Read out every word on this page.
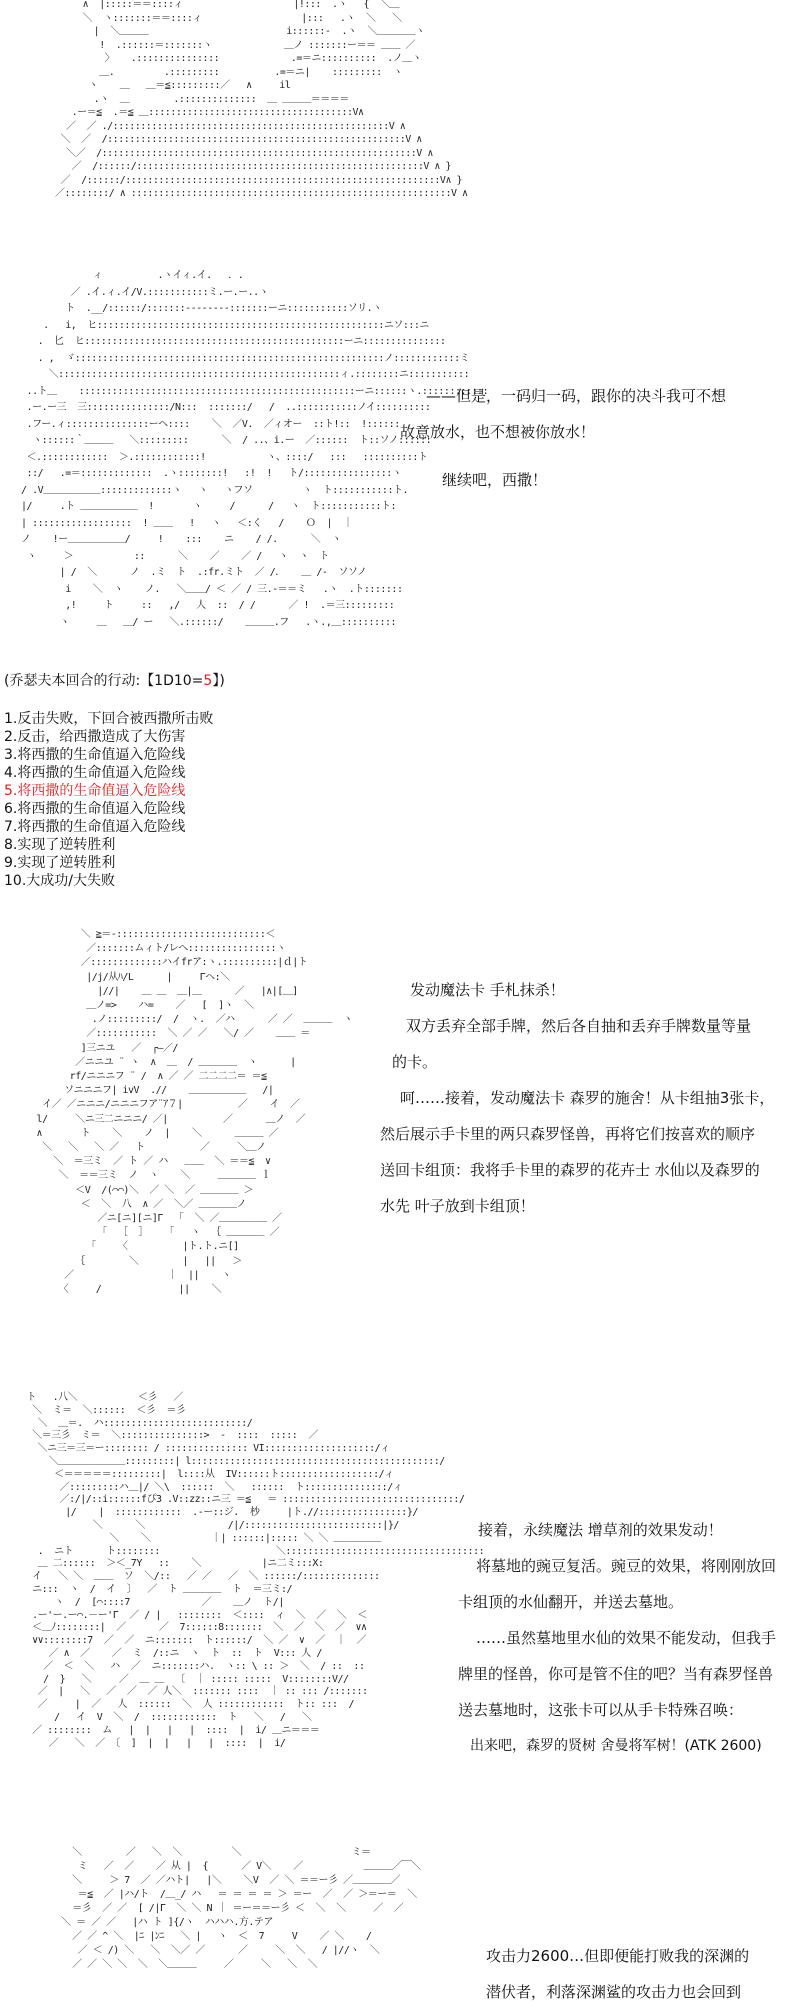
∧  |:::::＝＝::::ィ                    |!:::  .ヽ   {  ＼＿
＼  ヽ:::::::＝＝::::ィ                  |:::   .ヽ  ＼   ＼
|  ＼＿＿＿                         i::::::-  .ヽ  ＼＿＿＿＿ヽ
!  .::::::＝:::::::ヽ             ＿ノ :::::::ー＝＝ ＿＿ ／
〉   .:::::::::::::::             .=＝ニ::::::::::  .ノ＿ヽ
＿.         .:::::::::          .=＝ニ|    :::::::::  ヽ
ヽ    ＿   ＿＝≦:::::::::／   ∧     il
.ヽ  ＿        .::::::::::::::  ＿ ＿＿＿＝＝＝＝
.ー＝≦  .＝≦ ＿:::::::::::::::::::::::::::::::::::::V∧
／  ／ ./::::::::::::::::::::::::::::::::::::::::::::::::::V ∧
＼  ／  /::::::::::::::::::::::::::::::::::::::::::::::::::::::V ∧
＼／  /:::::::::::::::::::::::::::::::::::::::::::::::::::::::::V ∧
／  /::::::/::::::::::::::::::::::::::::::::::::::::::::::::::::V ∧ }
／  /::::::/:::::::::::::::::::::::::::::::::::::::::::::::::::::::::V∧ }
／::::::::/ ∧ ::::::::::::::::::::::::::::::::::::::::::::::::::::::::::V ∧
ィ          .ヽイィ.イ.   ．.
／ .イ.ィ.イ/V.:::::::::::ミ.ー.ー..ヽ
ト  .__/::::::/:::::::--------:::::::ーニ:::::::::::ソリ.ヽ
.   i,  ヒ::::::::::::::::::::::::::::::::::::::::::::::::::::ニソ:::ニ
.  匕  ヒ:::::::::::::::::::::::::::::::::::::::::::::::ーニ:::::::::::::::
. ,  ゞ::::::::::::::::::::::::::::::::::::::::::::::::::::::::ノ::::::::::::ミ
＼:::::::::::::::::::::::::::::::::::::::::::::::::::ィ.::::::::ニ:::::::::::
..ト＿    ::::::::::::::::::::::::::::::::::::::::::::::::::ーニ::::::ヽ.::::::::::::
.ー.ー三  三:::::::::::::::/N:::  :::::::/   /  ..:::::::::::ノイ::::::::::
.フー.ィ:::::::::::::::ーヘ::::    ＼  ／V.  ／ィオー  ::ト!::  !::::::
ヽ::::::｀＿＿＿   ＼:::::::::      ＼  / ..、i.ー  ／::::::  ト::ソノ::::::
＜.::::::::::::  ＞.::::::::::::!           ヽ、::::/   :::   ::::::::::ト
::/   .=＝:::::::::::::  .ヽ::::::::!   :!  !   ト/::::::::::::::::ヽ
/ .V＿＿＿＿＿＿:::::::::::::ヽ   ヽ   ヽフソ         ヽ  ト:::::::::::ト.
|/     .ト ＿＿＿＿＿＿  !       ヽ     /      /   ヽ  ト:::::::::::ト:
| ::::::::::::::::::  ! ＿＿   !   ヽ   ＜:く   /    Ｏ  |  ｜
ノ    !ー＿＿＿＿＿＿/     !    :::    ニ    / /.      ＼  ヽ
ヽ     ＞           ::      ＼    ／    ／ /   ヽ  ヽ  ト
| /  ＼      ノ  .ミ  ト  .:fr.ミト  ／ /．   ＿ /-  ソソノ
i    ＼  ヽ    ノ.   ＼＿＿/ ＜ ／ / 三.-＝＝ミ   .ヽ  .ト:::::::
,!     ト     ::   ,/   人  ::  / /      ／ !  .＝三:::::::::
ヽ     ＿   ＿/ ー   ＼.::::::/    ＿＿＿.フ   .ヽ.,＿::::::::::

——但是，一码归一码，跟你的决斗我可不想

故意放水，也不想被你放水！

继续吧，西撒！

(乔瑟夫本回合的行动:【1D10=5】)
1.反击失败，下回合被西撒所击败
2.反击，给西撒造成了大伤害
3.将西撒的生命值逼入危险线
4.将西撒的生命值逼入危险线
5.将西撒的生命值逼入危险线
6.将西撒的生命值逼入危险线
7.将西撒的生命值逼入危险线
8.实现了逆转胜利
9.实现了逆转胜利
10.大成功/大失败
＼ ≧＝-:::::::::::::::::::::::::::＜
／:::::::ムィト/レへ::::::::::::::::ヽ
／:::::::::::::ハイfrア:ヽ.::::::::::|ｄ|ト
|/j/从ﾊ/L      |     Γヘ:＼
|//|    ＿ ＿  ＿|＿      ／   |∧|[＿]
＿ノ=>    ハ=    ／   [  ]ヽ  ＼
.ノ:::::::::/  /  ヽ.  ／ハ      ／ ／  ＿＿＿  ヽ
／:::::::::::  ＼ ／ ／   ＼/ ／    ＿＿ ＝
]三ニユ   ／  ┌―／/
／ニニユ ¨ ヽ  ∧  ＿  / ＿＿＿＿  ヽ      |
rf/ニニニフ ¨ /  ∧ ／ ／ 二二二二＝ ＝≦
ソニニニフ| ivV  .//    ＿＿＿＿＿＿   /|
イ／ ／ニニニ/ニニニフア¨ｱ７|          ／    イ  ／
l/     ＼ニ三二ニニニ/ ／|          ／      ＿ノ  ／
∧       ト    ＼    ノ  |    ＼      ＿＿＿ ／
＼   ＼   ＼ ／   ト          ／     ＼＿ノ
＼  ＝三ミ  ／ ト ／ ハ   ＿＿  ＼ ＝＝≦  ∨
＼  ＝＝三ミ  ノ  ヽ    ＼     ＿＿＿＿ ｌ
＜V  /(⌒⌒)＼  ／ ＼  ／ ＿＿＿＿ ＞
＜  ＼  八  ∧ ／  ＼／ ＿＿＿＿ノ
／ニ[ニ][ニ]Γ  「  ＼ ／＿＿＿＿＿ ／
「  ［  ］   「   ヽ  ｛ ＿＿＿＿ ／
「    〈          |ト.ト.ニ[]
｛        ＼        |   ||   ＞
／                 ｜  ||    ヽ
〈     /              ||    ＼

发动魔法卡 手札抹杀！

双方丢弃全部手牌，然后各自抽和丢弃手牌数量等量

的卡。

呵……接着，发动魔法卡 森罗的施舍！从卡组抽3张卡，

然后展示手卡里的两只森罗怪兽，再将它们按喜欢的顺序

送回卡组顶：我将手卡里的森罗的花卉士 水仙以及森罗的

水先 叶子放到卡组顶！

ト   .八＼           ＜彡   ／
＼  ミ＝  ＼::::::  ＜彡  ＝彡
＼  ＿＝.  ハ::::::::::::::::::::::::::/
＼＝三彡  ミ＝  ＼:::::::::::::::>  -  ::::  :::::  ／
＼ニ三＝三＝ー:::::::: / ::::::::::::::: VI::::::::::::::::::::/ィ
＼＿＿＿＿＿＿＿:::::::::| l:::::::::::::::::::::::::::::::::::::::::::::/
＜＝＝＝＝＝:::::::::|  l::::从  IV::::::ト::::::::::::::::::/ィ
／:::::::::ハ＿|/ ＼\  ::::::  ＼   ::::::  ト:::::::::::::::/ィ
／:/|/::i::::::fぴ3 .V::zz::ニ三 ＝≦   ＝ ::::::::::::::::::::::::::::::::/
|/    |  ::::::::::::  .-ー::ジ.  杪     |ト.//::::::::::::::::}/
＼      ＼               /|/:::::::::::::::::::::::::|}/
＼    ＼           ｜| ::::::|::::: ＼ ＼ ＿＿＿＿＿
.  ニト      ト::::::::                     ＼::::::::::::::::::::::::::::::::::::
＿ 二::::::  ＞＜_7Y   ::    ＼           |ニ二ミ:::X:
イ   ＼ ＼  ＿＿  ソ  ＼/::   ／ ／   ／  ＼ ::::::/::::::::::::::
ニ:::  ヽ  /  イ  〕  ／  ト ＿＿＿＿  ト  ＝三ミ:/
ヽ  /  [⌒::::7             ／    ＿ノ  ト/|
.ー'ー.ー⌒.－ー'Γ  ／ / |   ::::::::  ＜::::  ィ  ＼  ／  ＼  ＜
＜＿ﾉ::::::::|  ／      ／  7::::::8:::::::  ＼  ／  ＼  ／  ∨∧
∨∨::::::::7  ／  ／  ニ:::::::  ト::::::/  ＼ ／  ∨  ／  ｜  ／
／ ∧  ／    ／  ミ  /::ニ  ヽ  ト  ::  ト  V::: 人 /
／  ＜  ＼   ハ  ／  ニ:::::::ハ.  ヽ:: \ :: ＞  ＼  / ::  ::
/  }   ＼     ／  ＿ ＿  〔  ｜ ::::: :::::  V::::::::V//
／  |   ＼   ／  ／  ／ 人＼  ::::::: ::::  ｜ :: ::: /:::::::
／     |  ／   人  ::::::  ＼  人 ::::::::::::  ト:: :::  /
/   イ  V  ＼  /  ::::::::::::  ト   ＼   /   ＼
／ ::::::::  ム   |  |   |   |  ::::  |  i/ ＿ニ＝＝＝
／   ＼  ／ 〔  ]  |  |   |   |  ::::  |  i/

接着，永续魔法 增草剂的效果发动！

将墓地的豌豆复活。豌豆的效果，将刚刚放回

卡组顶的水仙翻开，并送去墓地。

……虽然墓地里水仙的效果不能发动，但我手

牌里的怪兽，你可是管不住的吧？当有森罗怪兽

送去墓地时，这张卡可以从手卡特殊召唤：

出来吧，森罗的贤树 舍曼将军树！(ATK 2600)

＼        ／   ＼  ＼         ＼                    ミ＝
ミ   ／  ／    ／ 从 |  {      ／ V＼    ／           ＿＿＿／￣＼
＼     ＞ 7  ／ ／ハト|   |＼    ＼V  ／ ＼ ＝＝ー彡 ／＿＿＿＿／
＝≦  ／ |ハ/ト  /＿_/ ハ   ＝ ＝ ＝ ＝ ＞ ＝ー  ／  ／ ＞＝ー＝  ＼
＝彡  ／ ／  [ /|Γ  ＼ ＼ N ｜ ＝ー＝＝ー彡 ＜  ＼  ＼     ／  ／
＼ ＝ ／ ／   |ハ ト ]{/ヽ  ハハハ.方.テア
／ ／ ^ ＼  |ﾆ |ﾝﾆ   ＼ |   ヽ  ＜  7     V    ／ ＼    /
／ ＜ /) ＼   ＼  ＼／ ／      ／     ＼  ＼   / |//ヽ  ＼
／ ／ ＼ ＼  ＼  ＼＿＿＿     ／     ＼   ＼  ＼	攻击力2600…但即便能打败我的深渊的

潜伏者，利落深渊鲨的攻击力也会回到
